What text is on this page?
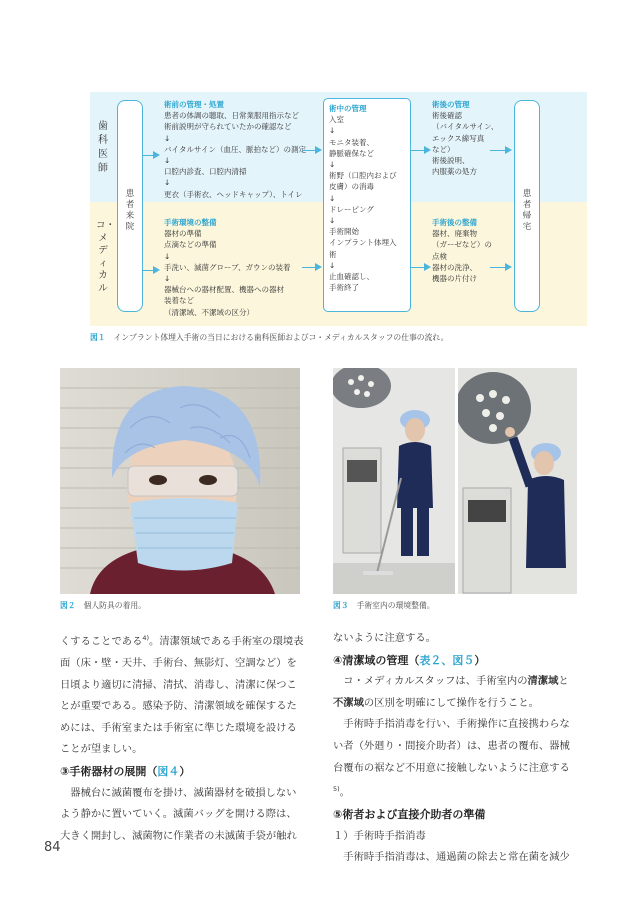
歯科医師
コ・メディカル
患者来院
術前の管理・処置
患者の体調の聴取、日常業服用指示など
術前説明が守られていたかの確認など
↓
バイタルサイン（血圧、脈拍など）の測定
↓
口腔内診査、口腔内清掃
↓
更衣（手術衣、ヘッドキャップ）、トイレ
手術環境の整備
器材の準備
点滴などの準備
↓
手洗い、滅菌グローブ、ガウンの装着
↓
器械台への器材配置、機器への器材
装着など
（清潔域、不潔域の区分）
術中の管理
入室
↓
モニタ装着、
静脈確保など
↓
術野（口腔内および
皮膚）の消毒
↓
ドレーピング
↓
手術開始
インプラント体埋入
術
↓
止血確認し、
手術終了
術後の管理
術後確認
（バイタルサイン、
エックス線写真
など）
術後説明、
内服薬の処方
手術後の整備
器材、廃棄物
（ガーゼなど）の
点検
器材の洗浄、
機器の片付け
患者帰宅
図１ インプラント体埋入手術の当日における歯科医師およびコ・メディカルスタッフの仕事の流れ。
図２ 個人防具の着用。	図３ 手術室内の環境整備。

くすることである$^{4)}$。清潔領域である手術室の環境表面（床・壁・天井、手術台、無影灯、空調など）を日頃より適切に清掃、清拭、消毒し、清潔に保つことが重要である。感染予防、清潔領域を確保するためには、手術室または手術室に準じた環境を設けることが望ましい。

③手術器材の展開（図４）

器械台に滅菌覆布を掛け、滅菌器材を破損しないよう静かに置いていく。滅菌バッグを開ける際は、大きく開封し、滅菌物に作業者の未滅菌手袋が触れ

ないように注意する。

④清潔域の管理（表２、図５）

コ・メディカルスタッフは、手術室内の清潔域と不潔域の区別を明確にして操作を行うこと。

手術時手指消毒を行い、手術操作に直接携わらない者（外廻り・間接介助者）は、患者の覆布、器械台覆布の裾など不用意に接触しないように注意する$^{5)}$。

⑤術者および直接介助者の準備

１）手術時手指消毒

手術時手指消毒は、通過菌の除去と常在菌を減少

84
